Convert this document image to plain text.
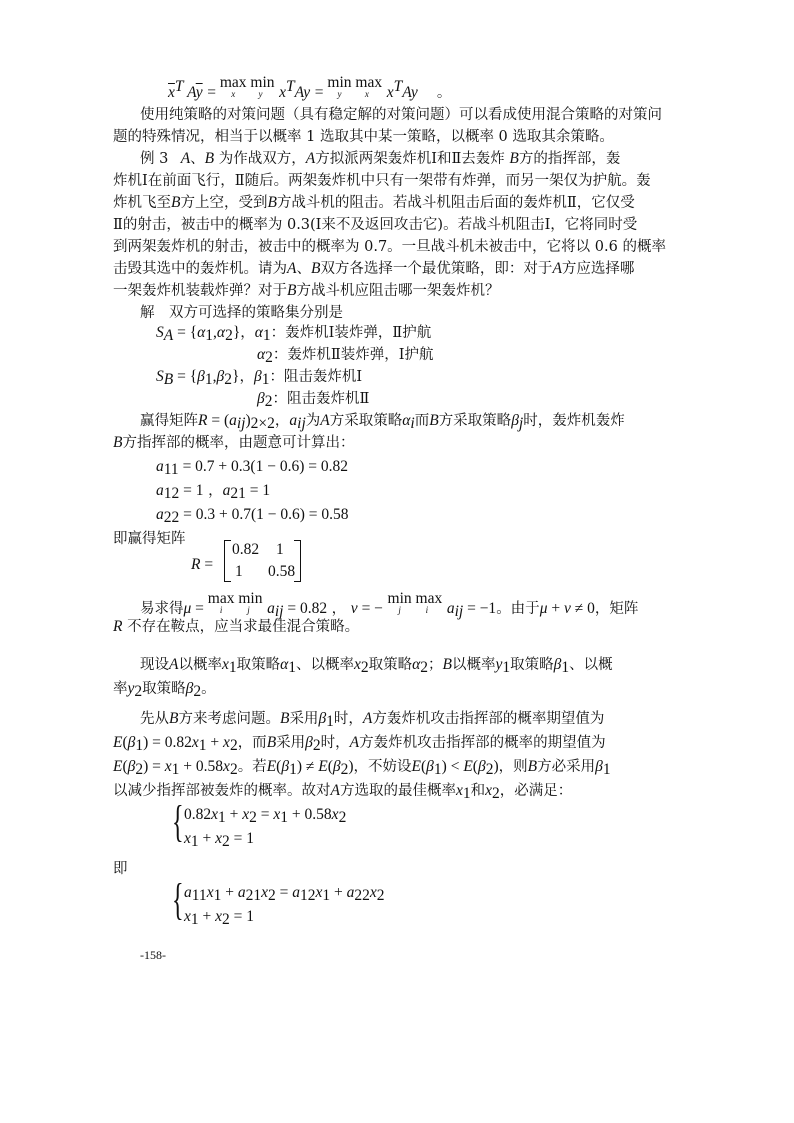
$\overline{x}^T$ $A\overline{y}$ =
max
x
min
y	$x^TAy$ =
min
y
max
x	$x^TAy$ 　。
使用纯策略的对策问题（具有稳定解的对策问题）可以看成使用混合策略的对策问
题的特殊情况，相当于以概率 1 选取其中某一策略，以概率 0 选取其余策略。
例 3   A、B 为作战双方，A方拟派两架轰炸机Ⅰ和Ⅱ去轰炸 B方的指挥部，轰
炸机Ⅰ在前面飞行，Ⅱ随后。两架轰炸机中只有一架带有炸弹，而另一架仅为护航。轰
炸机飞至B方上空，受到B方战斗机的阻击。若战斗机阻击后面的轰炸机Ⅱ，它仅受
Ⅱ的射击，被击中的概率为 0.3(Ⅰ来不及返回攻击它)。若战斗机阻击Ⅰ，它将同时受
到两架轰炸机的射击，被击中的概率为 0.7。一旦战斗机未被击中，它将以 0.6 的概率
击毁其选中的轰炸机。请为A、B双方各选择一个最优策略，即：对于A方应选择哪
一架轰炸机装载炸弹？对于B方战斗机应阻击哪一架轰炸机？
解　双方可选择的策略集分别是
$S_A = \{\alpha_1,\alpha_2\}$，$\alpha_1$：轰炸机Ⅰ装炸弹，Ⅱ护航
$\alpha_2$：轰炸机Ⅱ装炸弹，Ⅰ护航
$S_B = \{\beta_1,\beta_2\}$，$\beta_1$：阻击轰炸机Ⅰ
$\beta_2$：阻击轰炸机Ⅱ
赢得矩阵$R = (a_{ij})_{2\times 2}$，$a_{ij}$为A方采取策略$\alpha_i$而B方采取策略$\beta_j$时，轰炸机轰炸
B方指挥部的概率，由题意可计算出：
$a_{11} = 0.7 + 0.3(1 - 0.6) = 0.82$
$a_{12} = 1$ ，$a_{21} = 1$
$a_{22} = 0.3 + 0.7(1 - 0.6) = 0.58$
即赢得矩阵
R =
0.82 1
1 0.58
易求得μ =
max
i
min
j	$a_{ij} = 0.82$ ， ν = −
min
j
max
i	$a_{ij} = -1$。由于μ + ν ≠ 0，矩阵
R 不存在鞍点，应当求最佳混合策略。
现设A以概率$x_1$取策略$\alpha_1$、以概率$x_2$取策略$\alpha_2$；B以概率$y_1$取策略$\beta_1$、以概
率$y_2$取策略$\beta_2$。
先从B方来考虑问题。B采用$\beta_1$时，A方轰炸机攻击指挥部的概率期望值为
$E(\beta_1) = 0.82x_1 + x_2$，而B采用$\beta_2$时，A方轰炸机攻击指挥部的概率的期望值为
$E(\beta_2) = x_1 + 0.58x_2$。若$E(\beta_1) \ne E(\beta_2)$，不妨设$E(\beta_1) < E(\beta_2)$，则B方必采用$\beta_1$
以减少指挥部被轰炸的概率。故对A方选取的最佳概率$x_1$和$x_2$，必满足：
{ $0.82x_1 + x_2 = x_1 + 0.58x_2$
$x_1 + x_2 = 1$
即
{ $a_{11}x_1 + a_{21}x_2 = a_{12}x_1 + a_{22}x_2$
$x_1 + x_2 = 1$
-158-
